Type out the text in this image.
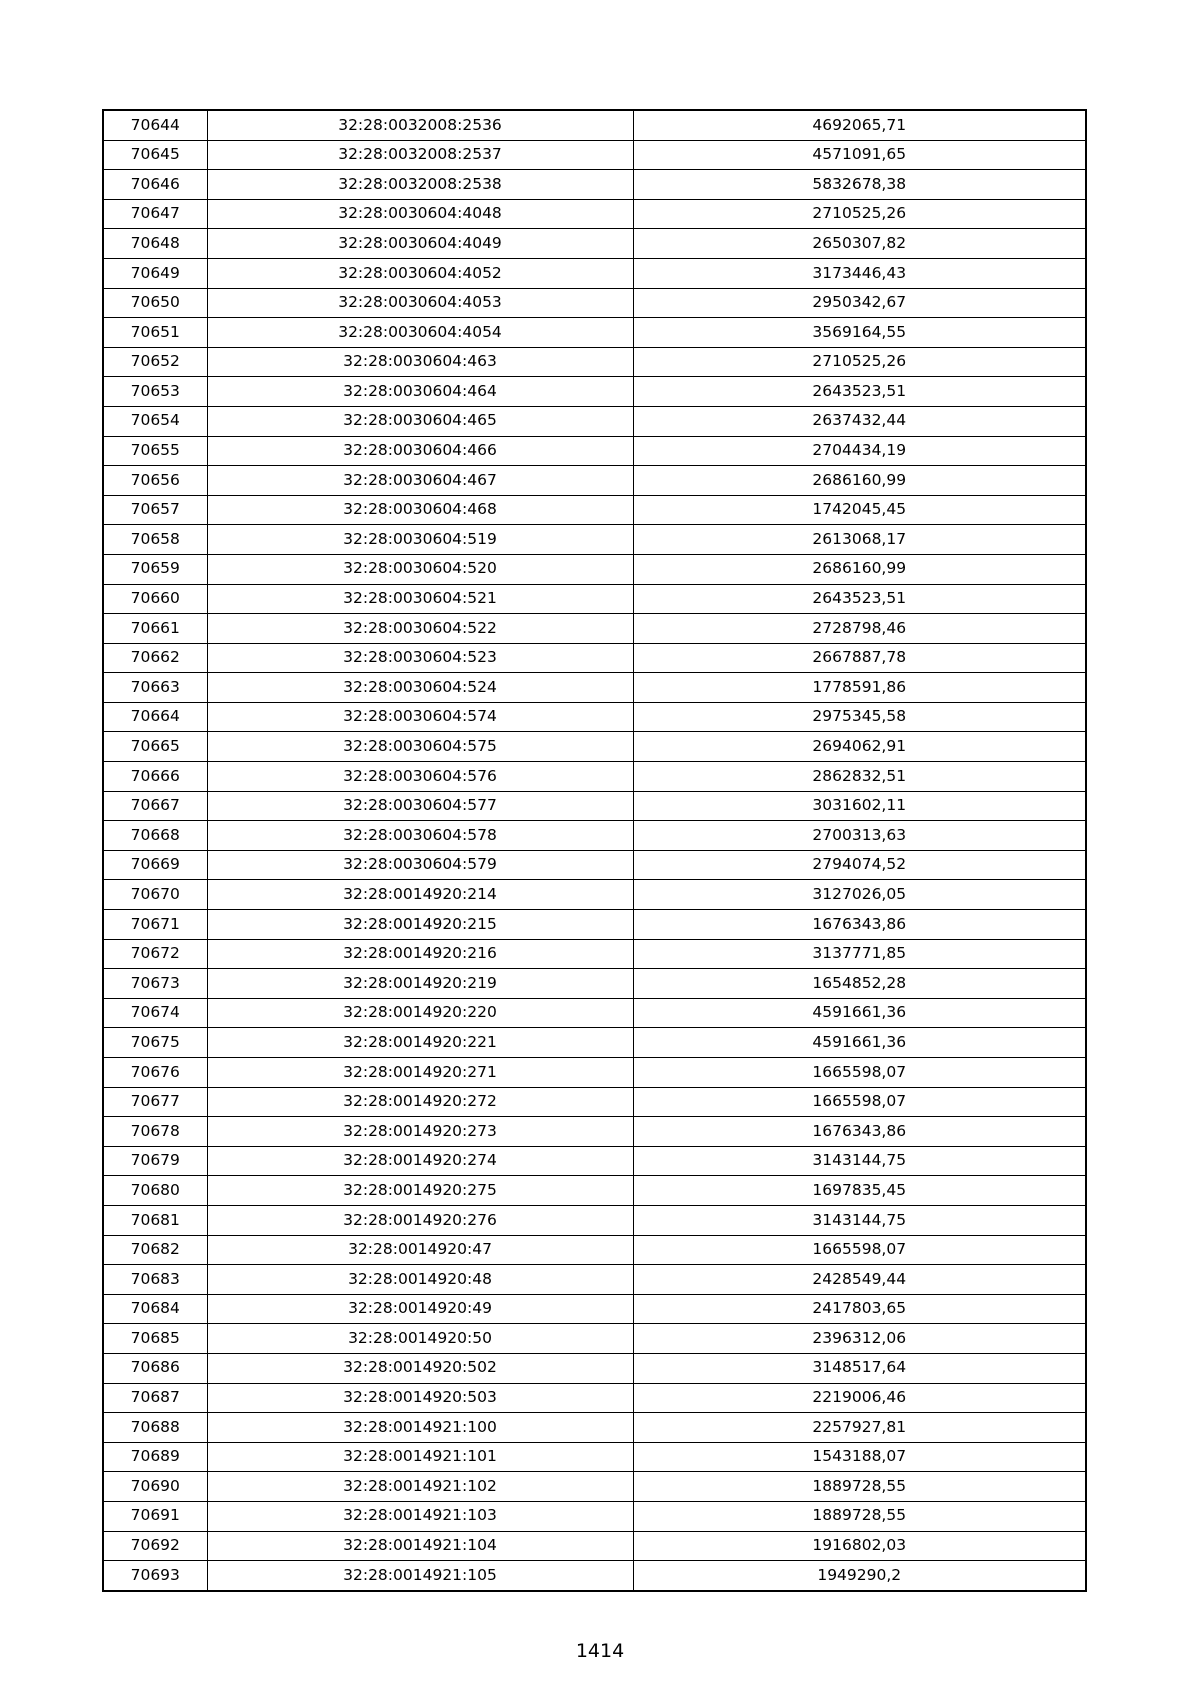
70644	32:28:0032008:2536	4692065,71
70645	32:28:0032008:2537	4571091,65
70646	32:28:0032008:2538	5832678,38
70647	32:28:0030604:4048	2710525,26
70648	32:28:0030604:4049	2650307,82
70649	32:28:0030604:4052	3173446,43
70650	32:28:0030604:4053	2950342,67
70651	32:28:0030604:4054	3569164,55
70652	32:28:0030604:463	2710525,26
70653	32:28:0030604:464	2643523,51
70654	32:28:0030604:465	2637432,44
70655	32:28:0030604:466	2704434,19
70656	32:28:0030604:467	2686160,99
70657	32:28:0030604:468	1742045,45
70658	32:28:0030604:519	2613068,17
70659	32:28:0030604:520	2686160,99
70660	32:28:0030604:521	2643523,51
70661	32:28:0030604:522	2728798,46
70662	32:28:0030604:523	2667887,78
70663	32:28:0030604:524	1778591,86
70664	32:28:0030604:574	2975345,58
70665	32:28:0030604:575	2694062,91
70666	32:28:0030604:576	2862832,51
70667	32:28:0030604:577	3031602,11
70668	32:28:0030604:578	2700313,63
70669	32:28:0030604:579	2794074,52
70670	32:28:0014920:214	3127026,05
70671	32:28:0014920:215	1676343,86
70672	32:28:0014920:216	3137771,85
70673	32:28:0014920:219	1654852,28
70674	32:28:0014920:220	4591661,36
70675	32:28:0014920:221	4591661,36
70676	32:28:0014920:271	1665598,07
70677	32:28:0014920:272	1665598,07
70678	32:28:0014920:273	1676343,86
70679	32:28:0014920:274	3143144,75
70680	32:28:0014920:275	1697835,45
70681	32:28:0014920:276	3143144,75
70682	32:28:0014920:47	1665598,07
70683	32:28:0014920:48	2428549,44
70684	32:28:0014920:49	2417803,65
70685	32:28:0014920:50	2396312,06
70686	32:28:0014920:502	3148517,64
70687	32:28:0014920:503	2219006,46
70688	32:28:0014921:100	2257927,81
70689	32:28:0014921:101	1543188,07
70690	32:28:0014921:102	1889728,55
70691	32:28:0014921:103	1889728,55
70692	32:28:0014921:104	1916802,03
70693	32:28:0014921:105	1949290,2
1414
